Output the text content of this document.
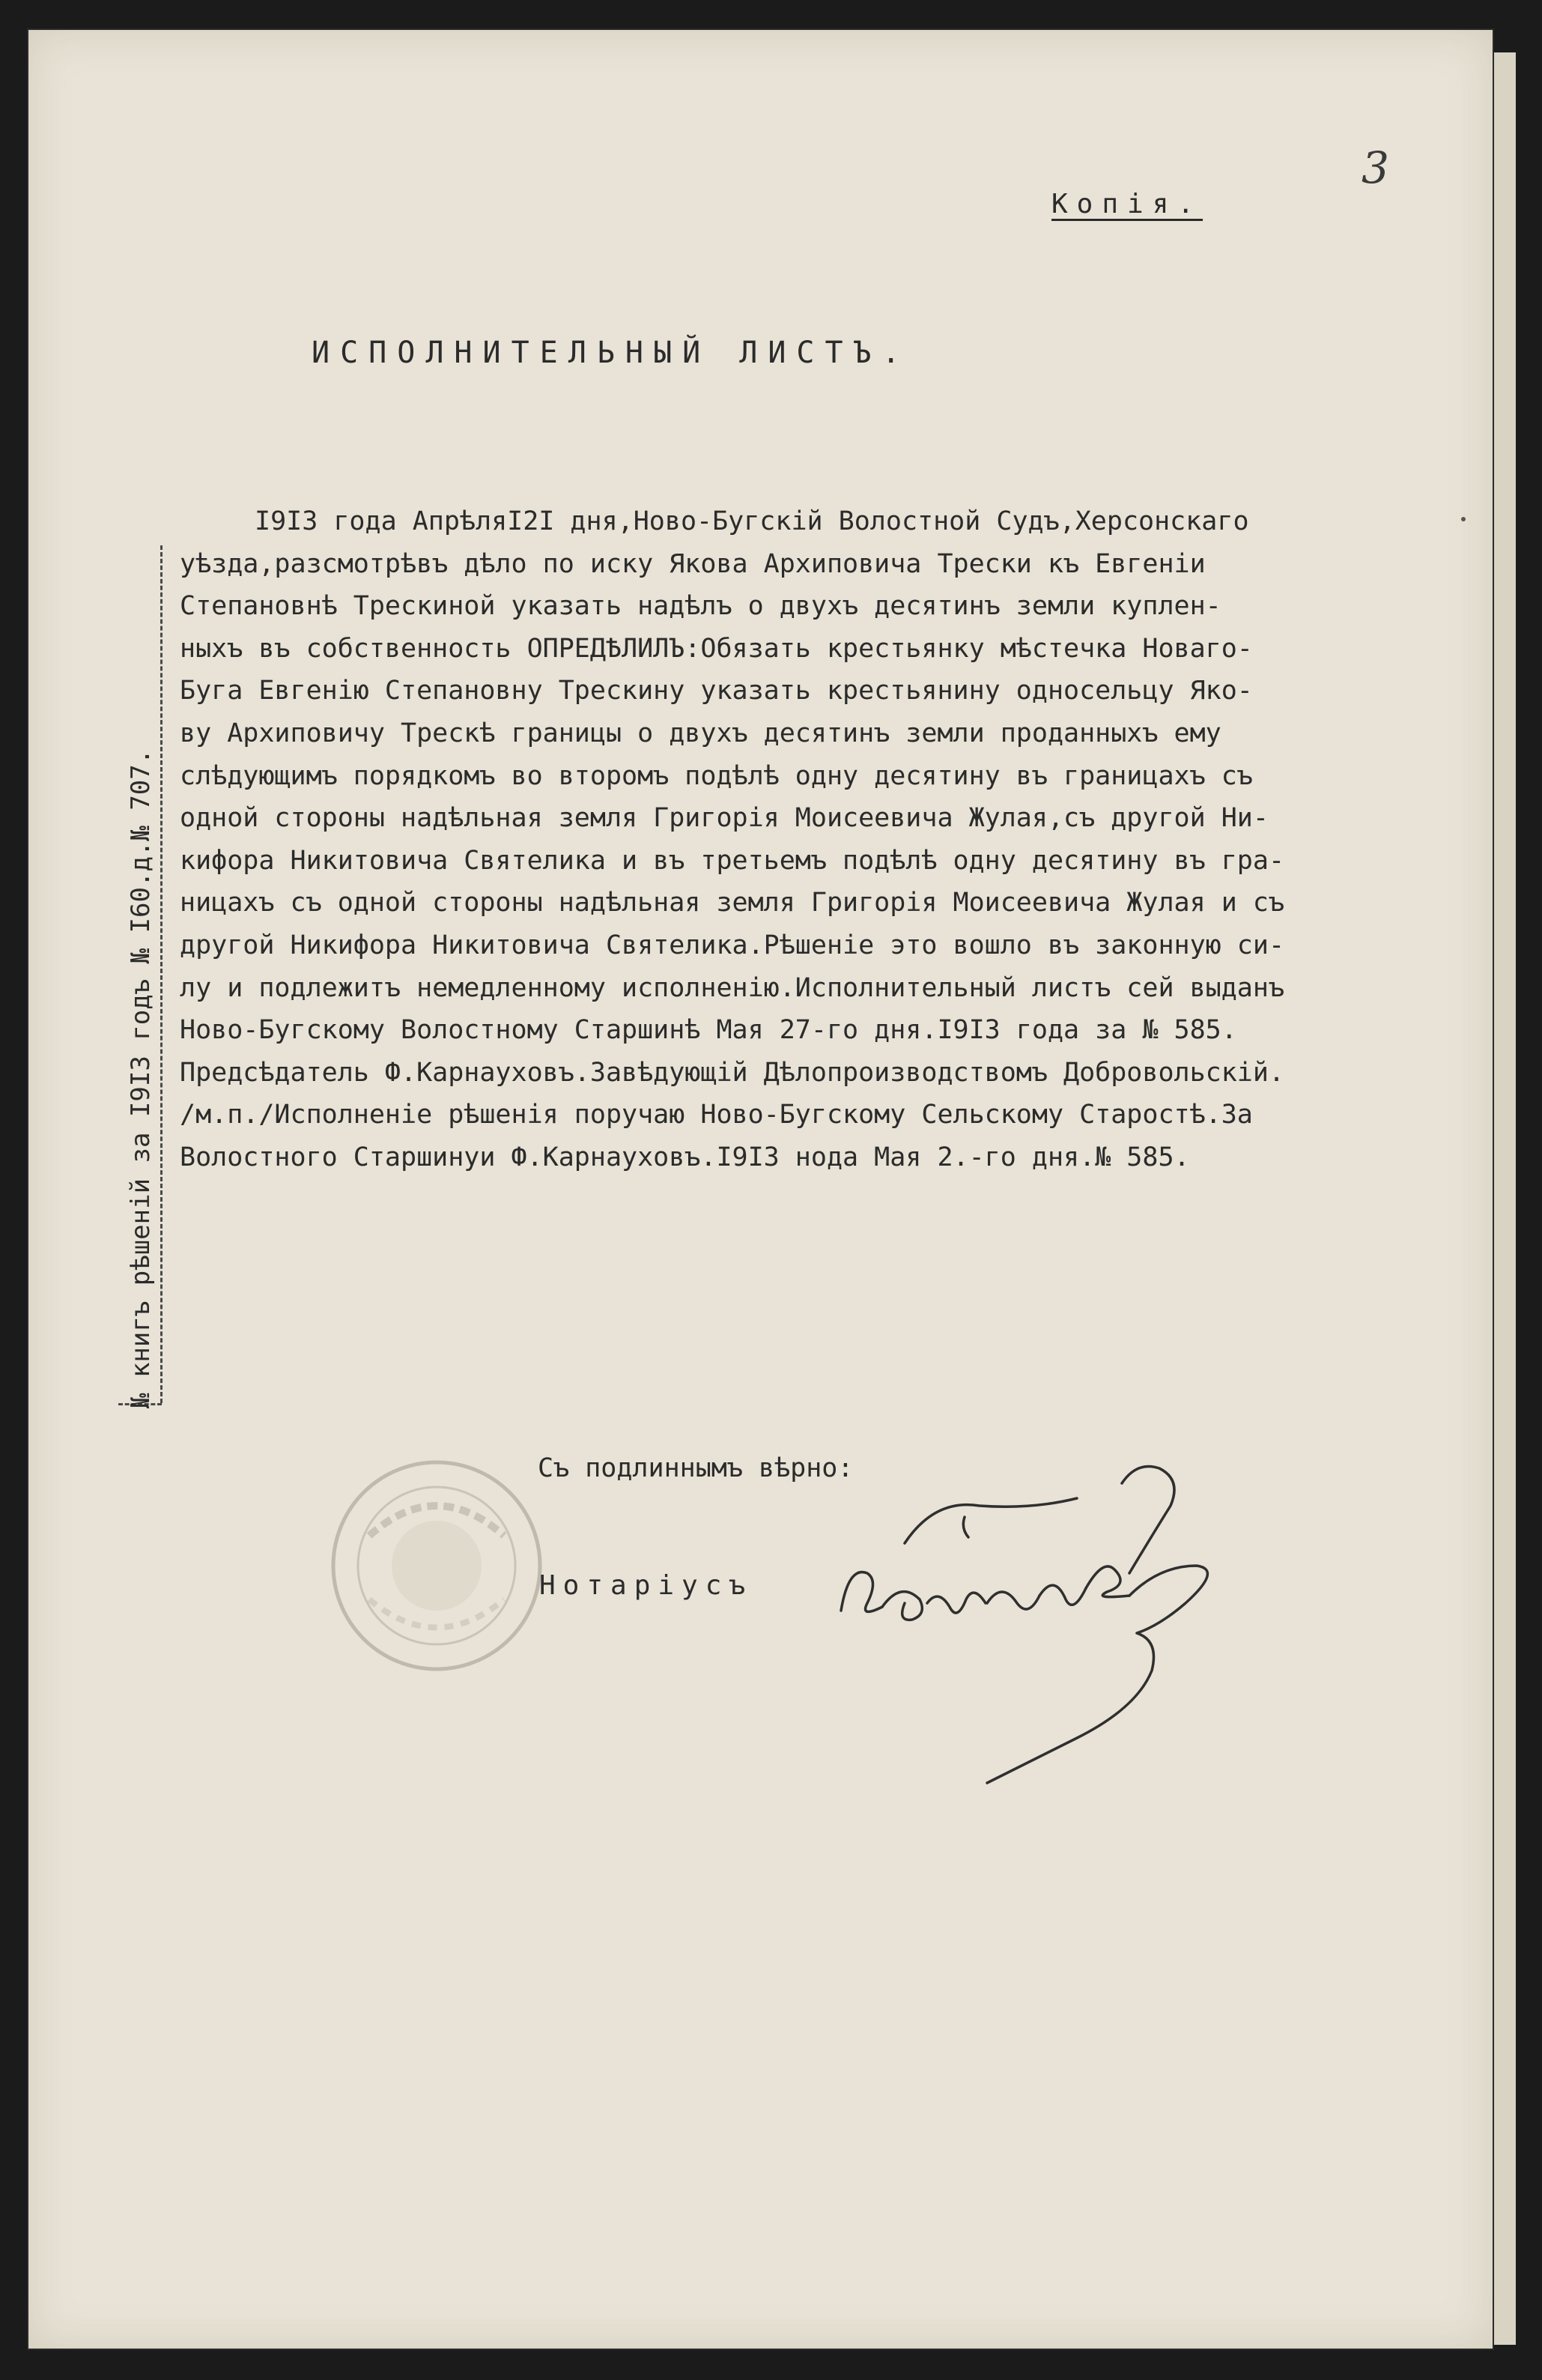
3

Копiя.

ИСПОЛНИТЕЛЬНЫЙ ЛИСТЪ.

№ книгъ рѣшенiй за I9I3 годъ № I60.д.№ 707.

I9I3 года АпрѣляI2I дня,Ново-Бугскiй Волостной Судъ,Херсонскаго

уѣзда,разсмотрѣвъ дѣло по иску Якова Архиповича Трески къ Евгенiи

Степановнѣ Трескиной указать надѣлъ о двухъ десятинъ земли куплен-

ныхъ въ собственность ОПРЕДѢЛИЛЪ:Обязать крестьянку мѣстечка Новаго-

Буга Евгенiю Степановну Трескину указать крестьянину односельцу Яко-

ву Архиповичу Трескѣ границы о двухъ десятинъ земли проданныхъ ему

слѣдующимъ порядкомъ во второмъ подѣлѣ одну десятину въ границахъ съ

одной стороны надѣльная земля Григорiя Моисеевича Жулая,съ другой Ни-

кифора Никитовича Святелика и въ третьемъ подѣлѣ одну десятину въ гра-

ницахъ съ одной стороны надѣльная земля Григорiя Моисеевича Жулая и съ

другой Никифора Никитовича Святелика.Рѣшенiе это вошло въ законную си-

лу и подлежитъ немедленному исполненiю.Исполнительный листъ сей выданъ

Ново-Бугскому Волостному Старшинѣ Мая 27-го дня.I9I3 года за № 585.

Предсѣдатель Ф.Карнауховъ.Завѣдующiй Дѣлопроизводствомъ Добровольскiй.

/м.п./Исполненiе рѣшенiя поручаю Ново-Бугскому Сельскому Старостѣ.За

Волостного Старшинуи Ф.Карнауховъ.I9I3 нода Мая 2.-го дня.№ 585.

Съ подлиннымъ вѣрно:

Нотарiусъ
